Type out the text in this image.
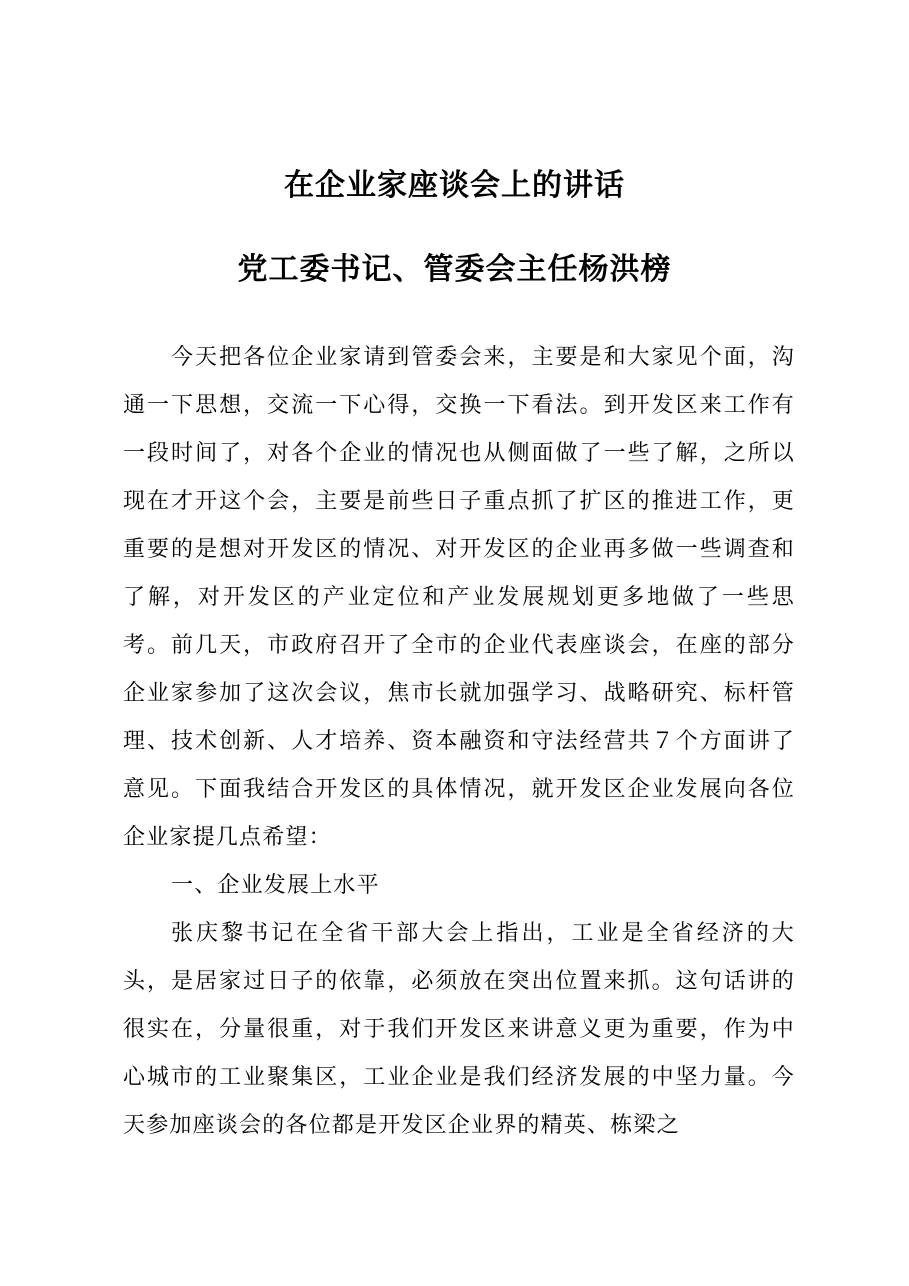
在企业家座谈会上的讲话
党工委书记、管委会主任杨洪榜

今天把各位企业家请到管委会来，主要是和大家见个面，沟通一下思想，交流一下心得，交换一下看法。到开发区来工作有一段时间了，对各个企业的情况也从侧面做了一些了解，之所以现在才开这个会，主要是前些日子重点抓了扩区的推进工作，更重要的是想对开发区的情况、对开发区的企业再多做一些调查和了解，对开发区的产业定位和产业发展规划更多地做了一些思考。前几天，市政府召开了全市的企业代表座谈会，在座的部分企业家参加了这次会议，焦市长就加强学习、战略研究、标杆管理、技术创新、人才培养、资本融资和守法经营共７个方面讲了意见。下面我结合开发区的具体情况，就开发区企业发展向各位企业家提几点希望：

一、企业发展上水平

张庆黎书记在全省干部大会上指出，工业是全省经济的大头，是居家过日子的依靠，必须放在突出位置来抓。这句话讲的很实在，分量很重，对于我们开发区来讲意义更为重要，作为中心城市的工业聚集区，工业企业是我们经济发展的中坚力量。今天参加座谈会的各位都是开发区企业界的精英、栋梁之
